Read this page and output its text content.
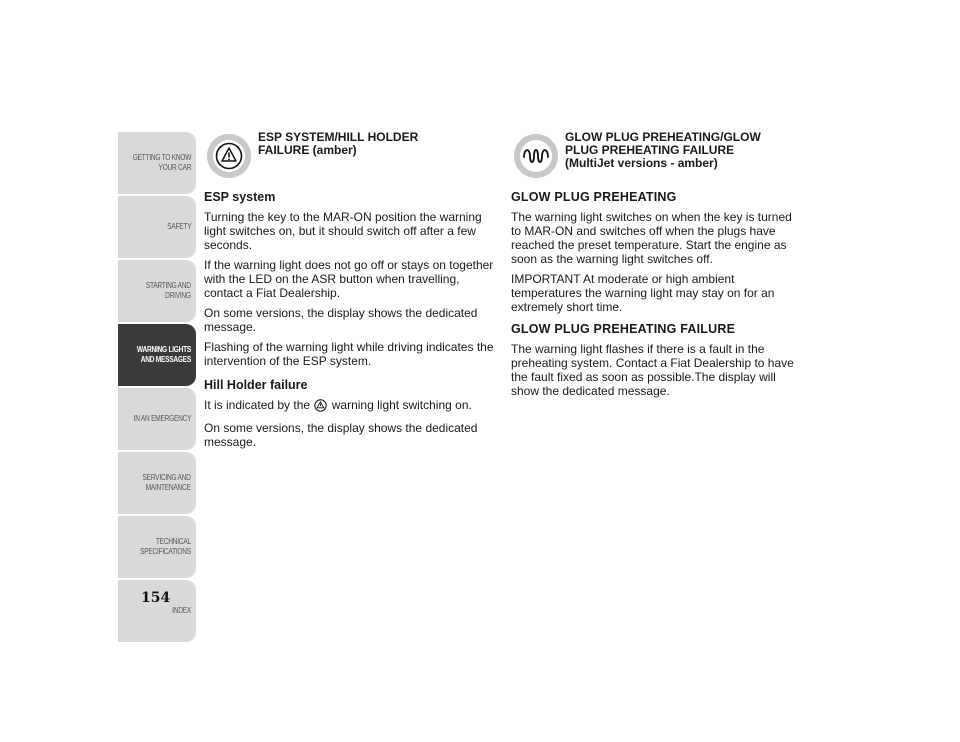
GETTING TO KNOW
YOUR CAR
SAFETY
STARTING AND
DRIVING
WARNING LIGHTS
AND MESSAGES
IN AN EMERGENCY
SERVICING AND
MAINTENANCE
TECHNICAL
SPECIFICATIONS
INDEX
154
ESP SYSTEM/HILL HOLDER
FAILURE (amber)
ESP system

Turning the key to the MAR-ON position the warning light switches on, but it should switch off after a few seconds.

If the warning light does not go off or stays on together with the LED on the ASR button when travelling, contact a Fiat Dealership.

On some versions, the display shows the dedicated message.

Flashing of the warning light while driving indicates the intervention of the ESP system.

Hill Holder failure

It is indicated by the warning light switching on.

On some versions, the display shows the dedicated message.

GLOW PLUG PREHEATING/GLOW
PLUG PREHEATING FAILURE
(MultiJet versions - amber)
GLOW PLUG PREHEATING

The warning light switches on when the key is turned to MAR-ON and switches off when the plugs have reached the preset temperature. Start the engine as soon as the warning light switches off.

IMPORTANT At moderate or high ambient temperatures the warning light may stay on for an extremely short time.

GLOW PLUG PREHEATING FAILURE

The warning light flashes if there is a fault in the preheating system. Contact a Fiat Dealership to have the fault fixed as soon as possible.The display will show the dedicated message.
